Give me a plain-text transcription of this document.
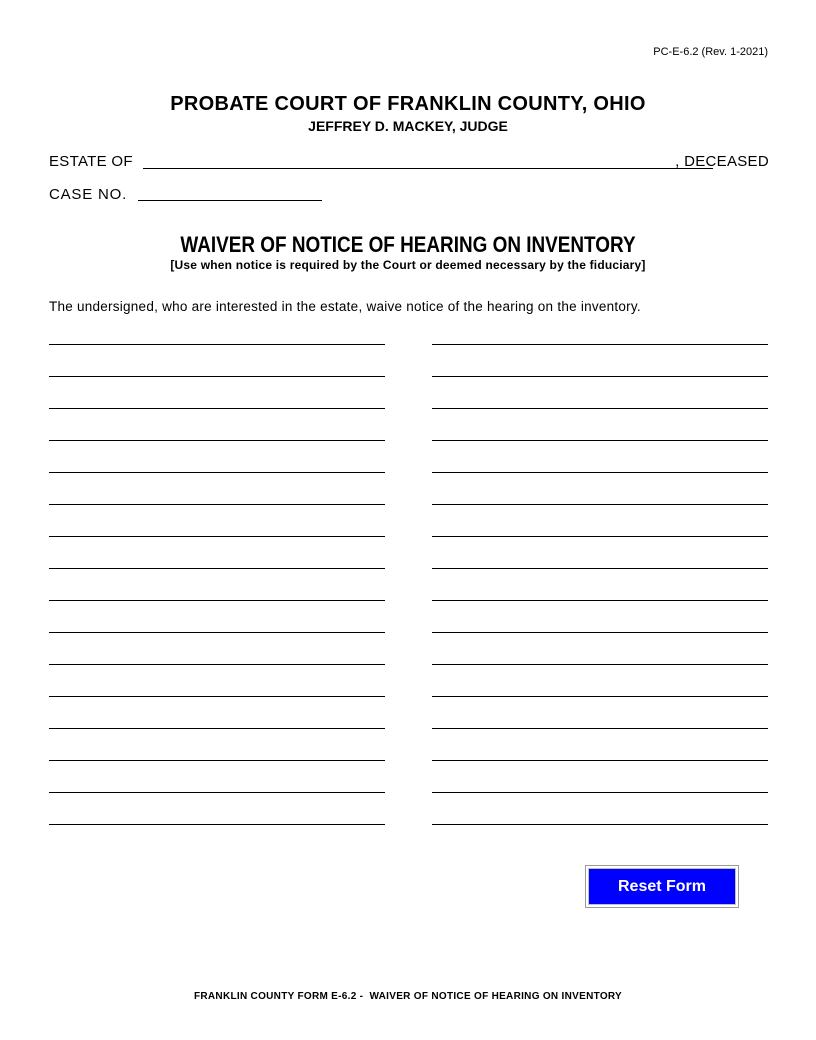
PC-E-6.2 (Rev. 1-2021)
PROBATE COURT OF FRANKLIN COUNTY, OHIO
JEFFREY D. MACKEY, JUDGE
ESTATE OF	, DECEASED
CASE NO.
WAIVER OF NOTICE OF HEARING ON INVENTORY
[Use when notice is required by the Court or deemed necessary by the fiduciary]
The undersigned, who are interested in the estate, waive notice of the hearing on the inventory.
Reset Form
FRANKLIN COUNTY FORM E-6.2 -  WAIVER OF NOTICE OF HEARING ON INVENTORY
